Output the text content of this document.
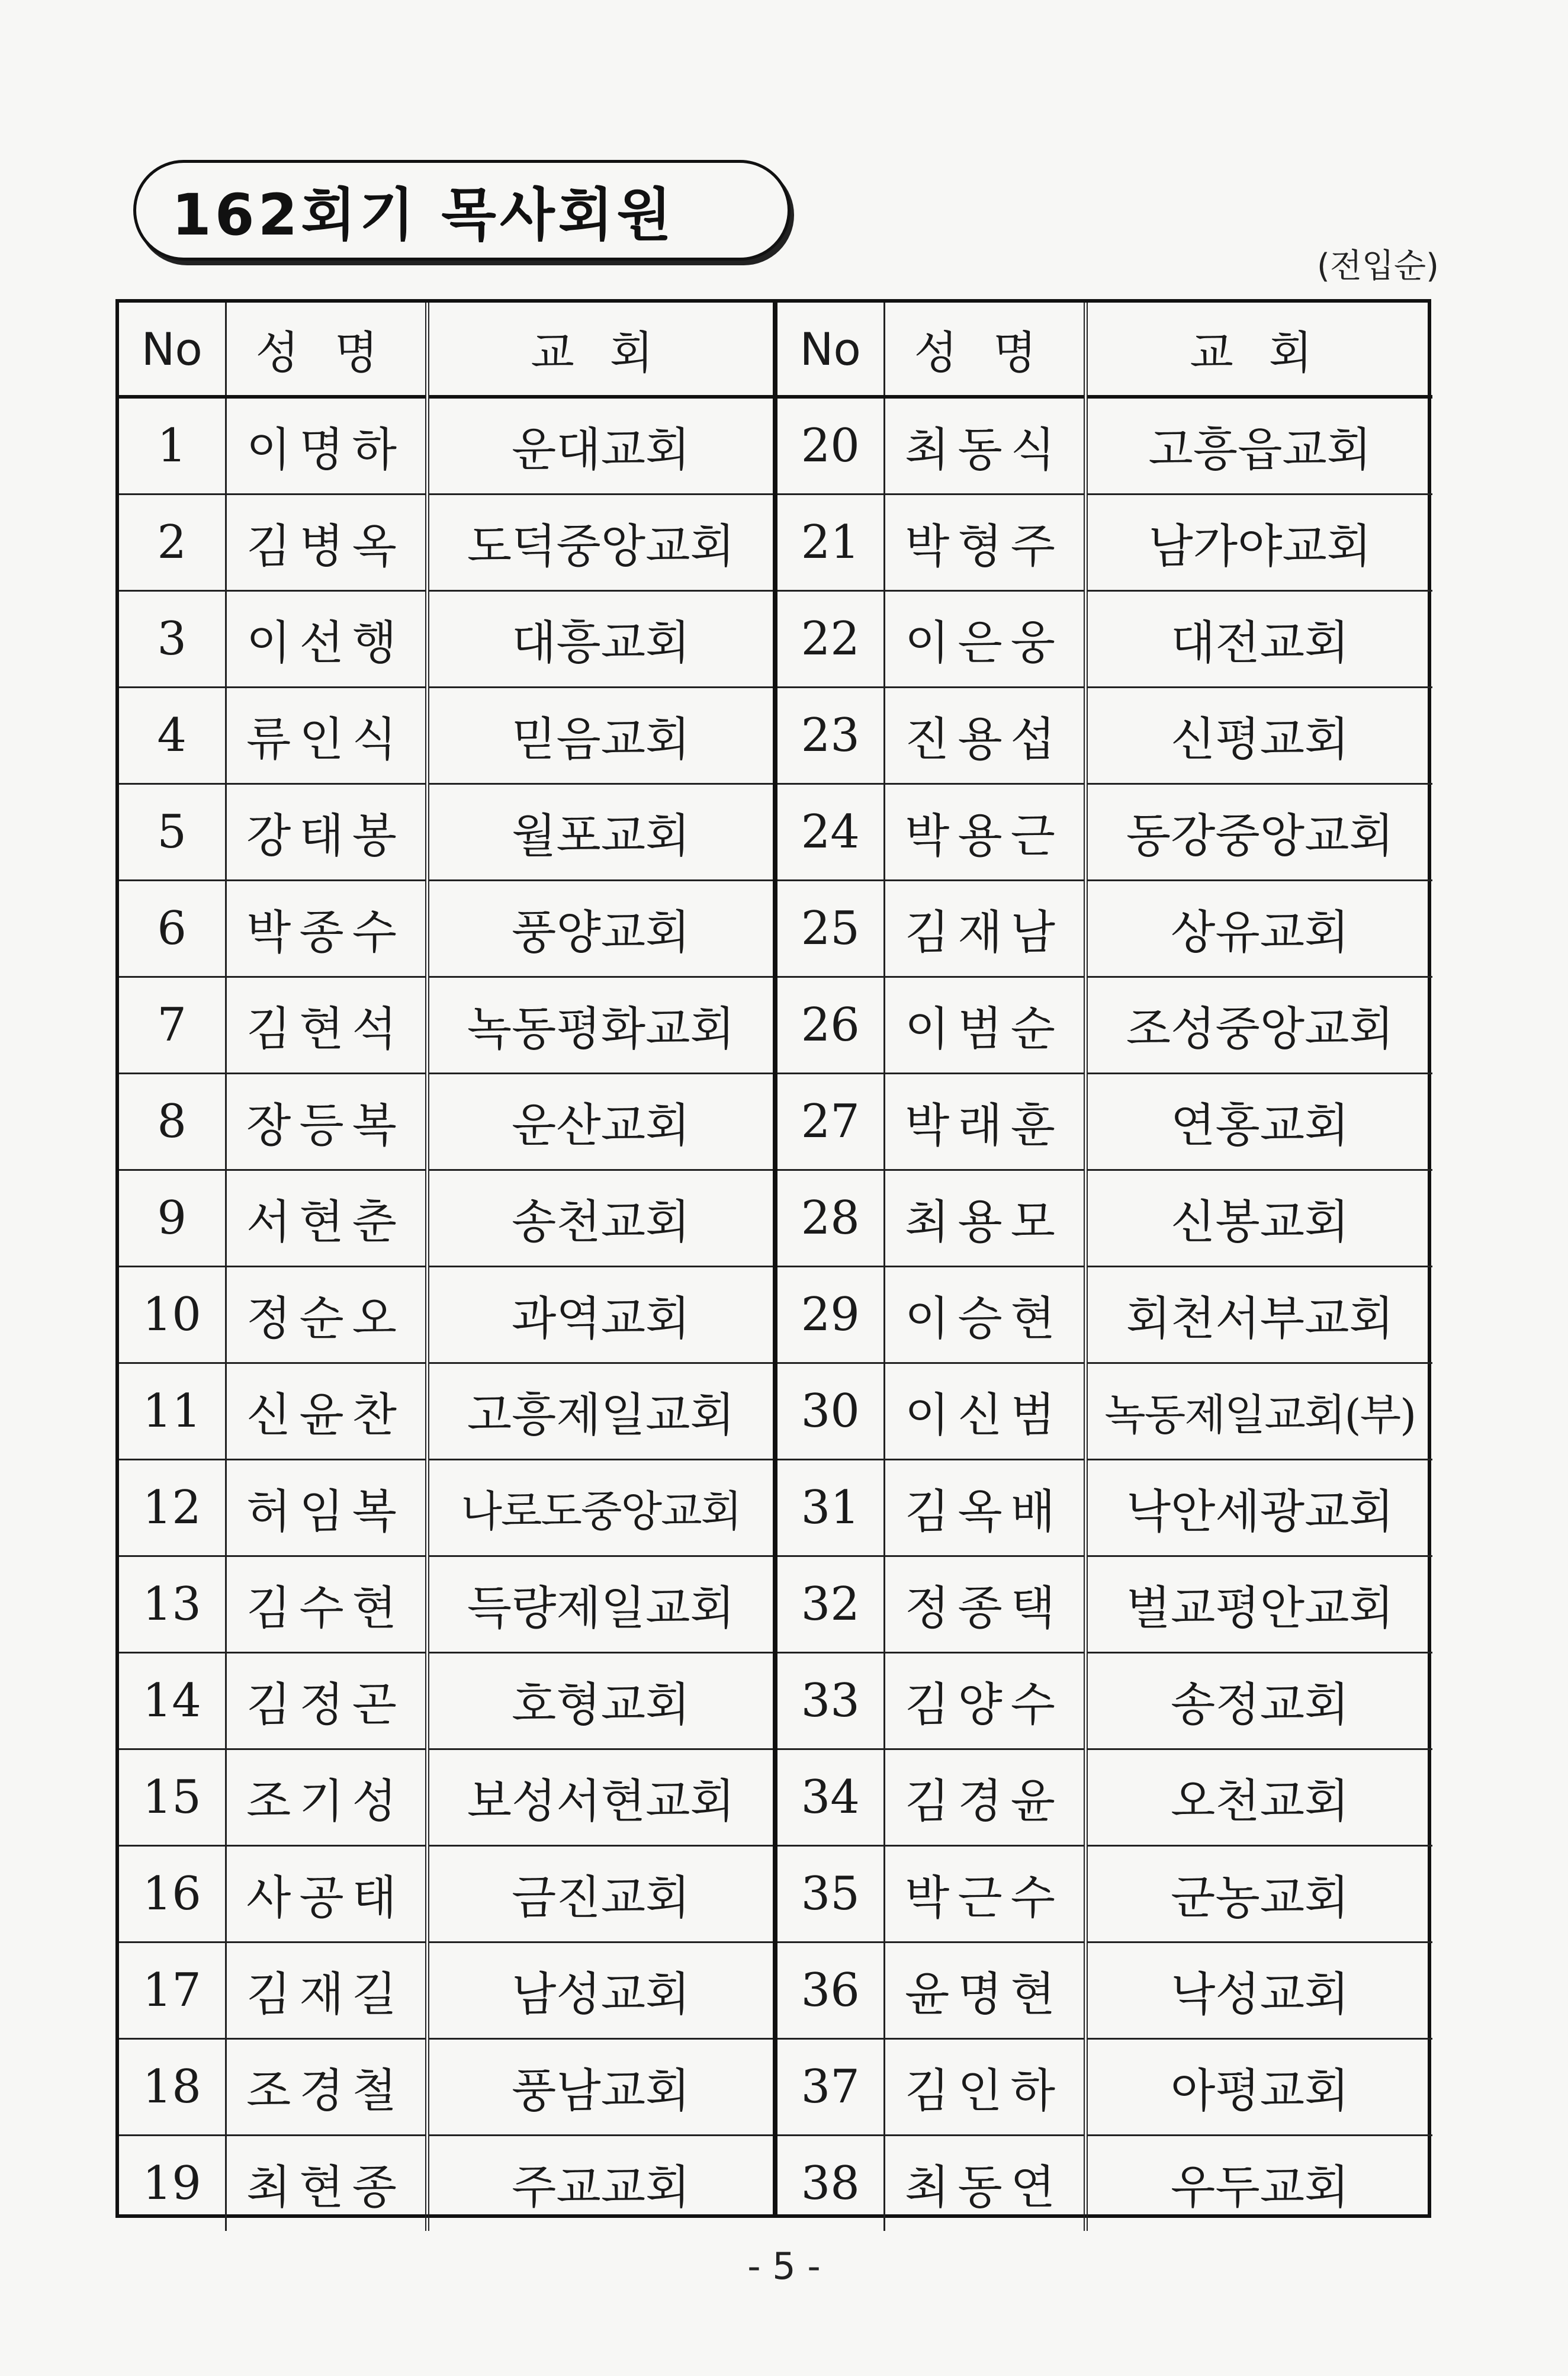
162회기 목사회원
(전입순)
No	성명	교회
1	이명하	운대교회
2	김병옥	도덕중앙교회
3	이선행	대흥교회
4	류인식	믿음교회
5	강태봉	월포교회
6	박종수	풍양교회
7	김현석	녹동평화교회
8	장등복	운산교회
9	서현춘	송천교회
10	정순오	과역교회
11	신윤찬	고흥제일교회
12	허임복	나로도중앙교회
13	김수현	득량제일교회
14	김정곤	호형교회
15	조기성	보성서현교회
16	사공태	금진교회
17	김재길	남성교회
18	조경철	풍남교회
19	최현종	주교교회
No	성명	교회
20	최동식	고흥읍교회
21	박형주	남가야교회
22	이은웅	대전교회
23	진용섭	신평교회
24	박용근	동강중앙교회
25	김재남	상유교회
26	이범순	조성중앙교회
27	박래훈	연홍교회
28	최용모	신봉교회
29	이승현	회천서부교회
30	이신범	녹동제일교회(부)
31	김옥배	낙안세광교회
32	정종택	벌교평안교회
33	김양수	송정교회
34	김경윤	오천교회
35	박근수	군농교회
36	윤명현	낙성교회
37	김인하	아평교회
38	최동연	우두교회
- 5 -
